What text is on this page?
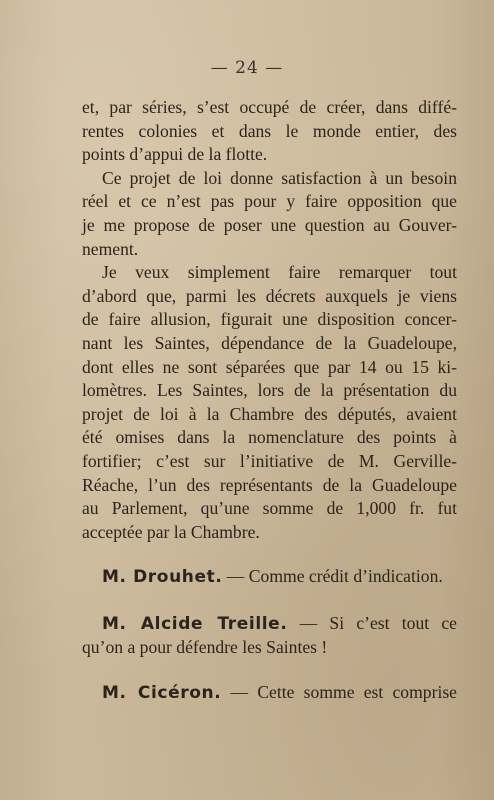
— 24 —

et, par séries, s’est occupé de créer, dans diffé-
rentes colonies et dans le monde entier, des
points d’appui de la flotte.

Ce projet de loi donne satisfaction à un besoin
réel et ce n’est pas pour y faire opposition que
je me propose de poser une question au Gouver-
nement.

Je veux simplement faire remarquer tout
d’abord que, parmi les décrets auxquels je viens
de faire allusion, figurait une disposition concer-
nant les Saintes, dépendance de la Guadeloupe,
dont elles ne sont séparées que par 14 ou 15 ki-
lomètres. Les Saintes, lors de la présentation du
projet de loi à la Chambre des députés, avaient
été omises dans la nomenclature des points à
fortifier; c’est sur l’initiative de M. Gerville-
Réache, l’un des représentants de la Guadeloupe
au Parlement, qu’une somme de 1,000 fr. fut
acceptée par la Chambre.

M. Drouhet. — Comme crédit d’indication.
M. Alcide Treille. — Si c’est tout ce
qu’on a pour défendre les Saintes !
M. Cicéron. — Cette somme est comprise
